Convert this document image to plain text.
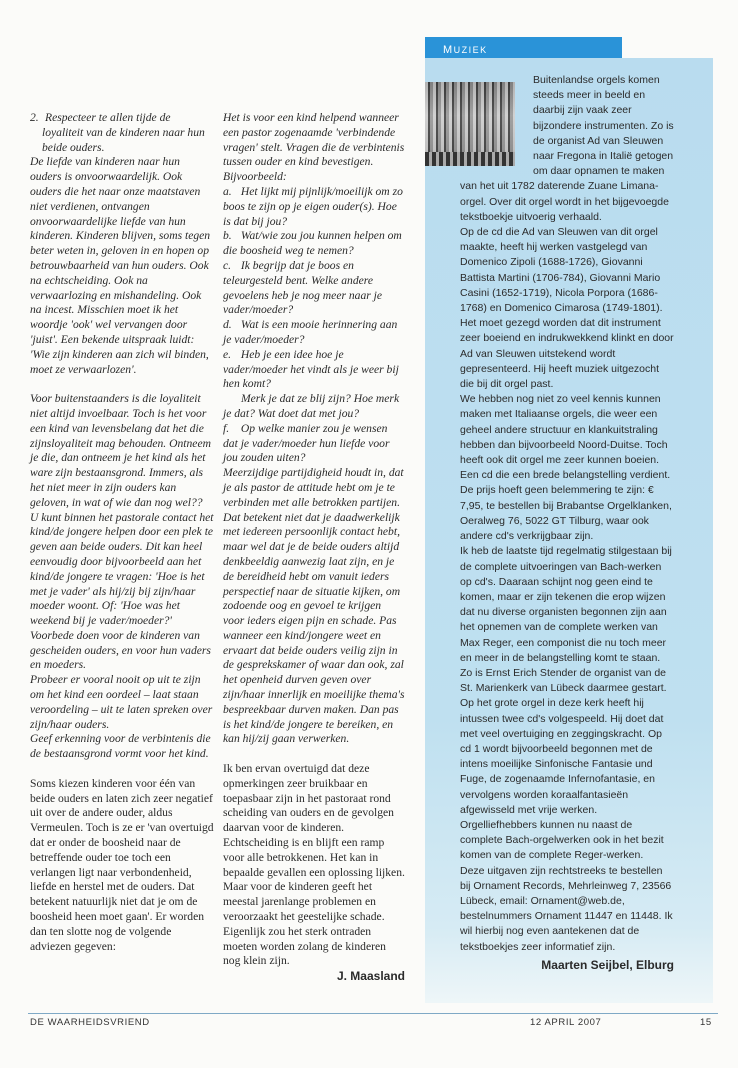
2. Respecteer te allen tijde de loyaliteit van de kinderen naar hun beide ouders.

De liefde van kinderen naar hun ouders is onvoorwaardelijk. Ook ouders die het naar onze maatstaven niet verdienen, ontvangen onvoorwaardelijke liefde van hun kinderen. Kinderen blijven, soms tegen beter weten in, geloven in en hopen op betrouwbaarheid van hun ouders. Ook na echtscheiding. Ook na verwaarlozing en mishandeling. Ook na incest. Misschien moet ik het woordje 'ook' wel vervangen door 'juist'. Een bekende uitspraak luidt: 'Wie zijn kinderen aan zich wil binden, moet ze verwaarlozen'.

Voor buitenstaanders is die loyaliteit niet altijd invoelbaar. Toch is het voor een kind van levensbelang dat het die zijnsloyaliteit mag behouden. Ontneem je die, dan ontneem je het kind als het ware zijn bestaansgrond. Immers, als het niet meer in zijn ouders kan geloven, in wat of wie dan nog wel??

U kunt binnen het pastorale contact het kind/de jongere helpen door een plek te geven aan beide ouders. Dit kan heel eenvoudig door bijvoorbeeld aan het kind/de jongere te vragen: 'Hoe is het met je vader' als hij/zij bij zijn/haar moeder woont. Of: 'Hoe was het weekend bij je vader/moeder?' Voorbede doen voor de kinderen van gescheiden ouders, en voor hun vaders en moeders.

Probeer er vooral nooit op uit te zijn om het kind een oordeel – laat staan veroordeling – uit te laten spreken over zijn/haar ouders.

Geef erkenning voor de verbintenis die de bestaansgrond vormt voor het kind.

Soms kiezen kinderen voor één van beide ouders en laten zich zeer negatief uit over de andere ouder, aldus Vermeulen. Toch is ze er 'van overtuigd dat er onder de boosheid naar de betreffende ouder toe toch een verlangen ligt naar verbondenheid, liefde en herstel met de ouders. Dat betekent natuurlijk niet dat je om de boosheid heen moet gaan'. Er worden dan ten slotte nog de volgende adviezen gegeven:

Het is voor een kind helpend wanneer een pastor zogenaamde 'verbindende vragen' stelt. Vragen die de verbintenis tussen ouder en kind bevestigen.

Bijvoorbeeld:

a. Het lijkt mij pijnlijk/moeilijk om zo boos te zijn op je eigen ouder(s). Hoe is dat bij jou?

b. Wat/wie zou jou kunnen helpen om die boosheid weg te nemen?

c. Ik begrijp dat je boos en teleurgesteld bent. Welke andere gevoelens heb je nog meer naar je vader/moeder?

d. Wat is een mooie herinnering aan je vader/moeder?

e. Heb je een idee hoe je vader/moeder het vindt als je weer bij hen komt?

Merk je dat ze blij zijn? Hoe merk je dat? Wat doet dat met jou?

f. Op welke manier zou je wensen dat je vader/moeder hun liefde voor jou zouden uiten?

Meerzijdige partijdigheid houdt in, dat je als pastor de attitude hebt om je te verbinden met alle betrokken partijen. Dat betekent niet dat je daadwerkelijk met iedereen persoonlijk contact hebt, maar wel dat je de beide ouders altijd denkbeeldig aanwezig laat zijn, en je de bereidheid hebt om vanuit ieders perspectief naar de situatie kijken, om zodoende oog en gevoel te krijgen voor ieders eigen pijn en schade. Pas wanneer een kind/jongere weet en ervaart dat beide ouders veilig zijn in de gesprekskamer of waar dan ook, zal het openheid durven geven over zijn/haar innerlijk en moeilijke thema's bespreekbaar durven maken. Dan pas is het kind/de jongere te bereiken, en kan hij/zij gaan verwerken.

Ik ben ervan overtuigd dat deze opmerkingen zeer bruikbaar en toepasbaar zijn in het pastoraat rond scheiding van ouders en de gevolgen daarvan voor de kinderen. Echtscheiding is en blijft een ramp voor alle betrokkenen. Het kan in bepaalde gevallen een oplossing lijken. Maar voor de kinderen geeft het meestal jarenlange problemen en veroorzaakt het geestelijke schade. Eigenlijk zou het sterk ontraden moeten worden zolang de kinderen nog klein zijn.

J. Maasland

muziek

Buitenlandse orgels komen steeds meer in beeld en daarbij zijn vaak zeer bijzondere instrumenten. Zo is de organist Ad van Sleuwen naar Fregona in Italië getogen om daar opnamen te maken van het uit 1782 daterende Zuane Limana-orgel. Over dit orgel wordt in het bijgevoegde tekstboekje uitvoerig verhaald.

Op de cd die Ad van Sleuwen van dit orgel maakte, heeft hij werken vastgelegd van Domenico Zipoli (1688-1726), Giovanni Battista Martini (1706-784), Giovanni Mario Casini (1652-1719), Nicola Porpora (1686-1768) en Domenico Cimarosa (1749-1801). Het moet gezegd worden dat dit instrument zeer boeiend en indrukwekkend klinkt en door Ad van Sleuwen uitstekend wordt gepresenteerd. Hij heeft muziek uitgezocht die bij dit orgel past.

We hebben nog niet zo veel kennis kunnen maken met Italiaanse orgels, die weer een geheel andere structuur en klankuitstraling hebben dan bijvoorbeeld Noord-Duitse. Toch heeft ook dit orgel me zeer kunnen boeien. Een cd die een brede belangstelling verdient. De prijs hoeft geen belemmering te zijn: € 7,95, te bestellen bij Brabantse Orgelklanken, Oeralweg 76, 5022 GT Tilburg, waar ook andere cd's verkrijgbaar zijn.

Ik heb de laatste tijd regelmatig stilgestaan bij de complete uitvoeringen van Bach-werken op cd's. Daaraan schijnt nog geen eind te komen, maar er zijn tekenen die erop wijzen dat nu diverse organisten begonnen zijn aan het opnemen van de complete werken van Max Reger, een componist die nu toch meer en meer in de belangstelling komt te staan. Zo is Ernst Erich Stender de organist van de St. Marienkerk van Lübeck daarmee gestart. Op het grote orgel in deze kerk heeft hij intussen twee cd's volgespeeld. Hij doet dat met veel overtuiging en zeggingskracht. Op cd 1 wordt bijvoorbeeld begonnen met de intens moeilijke Sinfonische Fantasie und Fuge, de zogenaamde Infernofantasie, en vervolgens worden koraalfantasieën afgewisseld met vrije werken. Orgelliefhebbers kunnen nu naast de complete Bach-orgelwerken ook in het bezit komen van de complete Reger-werken.

Deze uitgaven zijn rechtstreeks te bestellen bij Ornament Records, Mehrleinweg 7, 23566 Lübeck, email: Ornament@web.de, bestelnummers Ornament 11447 en 11448. Ik wil hierbij nog even aantekenen dat de tekstboekjes zeer informatief zijn.

Maarten Seijbel, Elburg

DE WAARHEIDSVRIEND	12 APRIL 2007	15
